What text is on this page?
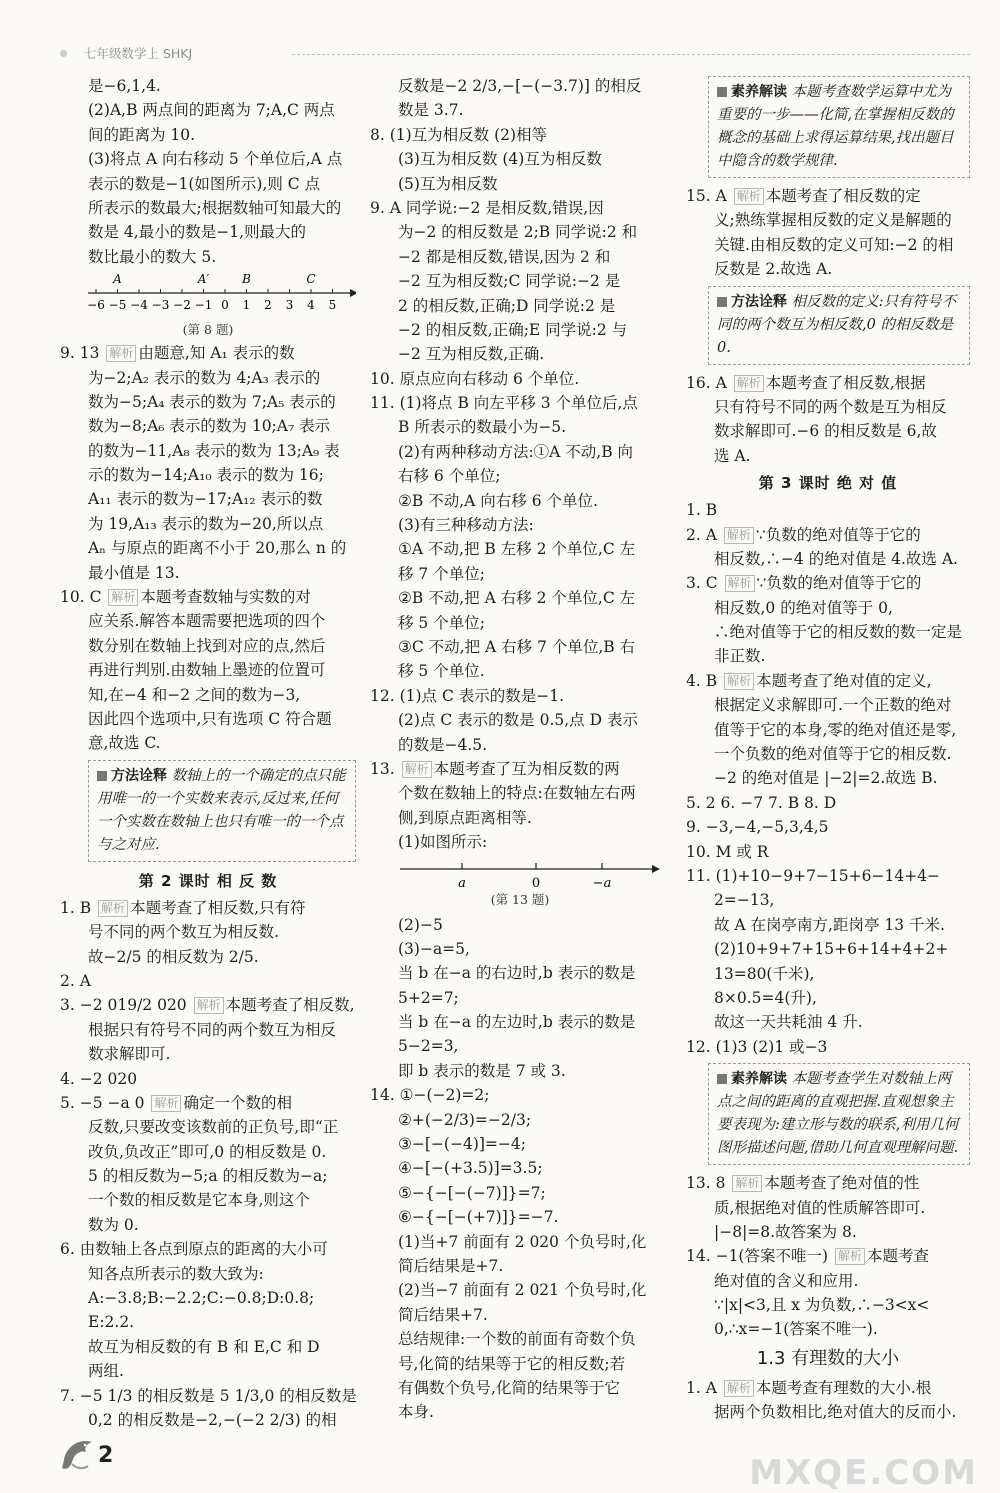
七年级数学上 SHKJ
是−6,1,4.
(2)A,B 两点间的距离为 7;A,C 两点
间的距离为 10.
(3)将点 A 向右移动 5 个单位后,A 点
表示的数是−1(如图所示),则 C 点
所表示的数最大;根据数轴可知最大的
数是 4,最小的数是−1,则最大的
数比最小的数大 5.
−6 −5 −4 −3 −2 −1 0 1 2 3 4 5
A	A′	B	C
(第 8 题)
9. 13 解析 由题意,知 A₁ 表示的数
为−2;A₂ 表示的数为 4;A₃ 表示的
数为−5;A₄ 表示的数为 7;A₅ 表示的
数为−8;A₆ 表示的数为 10;A₇ 表示
的数为−11,A₈ 表示的数为 13;A₉ 表
示的数为−14;A₁₀ 表示的数为 16;
A₁₁ 表示的数为−17;A₁₂ 表示的数
为 19,A₁₃ 表示的数为−20,所以点
Aₙ 与原点的距离不小于 20,那么 n 的
最小值是 13.
10. C 解析 本题考查数轴与实数的对
应关系.解答本题需要把选项的四个
数分别在数轴上找到对应的点,然后
再进行判别.由数轴上墨迹的位置可
知,在−4 和−2 之间的数为−3,
因此四个选项中,只有选项 C 符合题
意,故选 C.
方法诠释 数轴上的一个确定的点只能用唯一的一个实数来表示,反过来,任何一个实数在数轴上也只有唯一的一个点与之对应.
第 2 课时 相 反 数
1. B 解析 本题考查了相反数,只有符
号不同的两个数互为相反数.
故−2/5 的相反数为 2/5.
2. A
3. −2 019/2 020 解析 本题考查了相反数,
根据只有符号不同的两个数互为相反
数求解即可.
4. −2 020
5. −5 −a 0 解析 确定一个数的相
反数,只要改变该数前的正负号,即“正
改负,负改正”即可,0 的相反数是 0.
5 的相反数为−5;a 的相反数为−a;
一个数的相反数是它本身,则这个
数为 0.
6. 由数轴上各点到原点的距离的大小可
知各点所表示的数大致为:
A:−3.8;B:−2.2;C:−0.8;D:0.8;
E:2.2.
故互为相反数的有 B 和 E,C 和 D
两组.
7. −5 1/3 的相反数是 5 1/3,0 的相反数是
0,2 的相反数是−2,−(−2 2/3) 的相
反数是−2 2/3,−[−(−3.7)] 的相反
数是 3.7.
8. (1)互为相反数 (2)相等
(3)互为相反数 (4)互为相反数
(5)互为相反数
9. A 同学说:−2 是相反数,错误,因
为−2 的相反数是 2;B 同学说:2 和
−2 都是相反数,错误,因为 2 和
−2 互为相反数;C 同学说:−2 是
2 的相反数,正确;D 同学说:2 是
−2 的相反数,正确;E 同学说:2 与
−2 互为相反数,正确.
10. 原点应向右移动 6 个单位.
11. (1)将点 B 向左平移 3 个单位后,点
B 所表示的数最小为−5.
(2)有两种移动方法:①A 不动,B 向
右移 6 个单位;
②B 不动,A 向右移 6 个单位.
(3)有三种移动方法:
①A 不动,把 B 左移 2 个单位,C 左
移 7 个单位;
②B 不动,把 A 右移 2 个单位,C 左
移 5 个单位;
③C 不动,把 A 右移 7 个单位,B 右
移 5 个单位.
12. (1)点 C 表示的数是−1.
(2)点 C 表示的数是 0.5,点 D 表示
的数是−4.5.
13. 解析 本题考查了互为相反数的两
个数在数轴上的特点:在数轴左右两
侧,到原点距离相等.
(1)如图所示:
a	0	−a
(第 13 题)
(2)−5
(3)−a=5,
当 b 在−a 的右边时,b 表示的数是
5+2=7;
当 b 在−a 的左边时,b 表示的数是
5−2=3,
即 b 表示的数是 7 或 3.
14. ①−(−2)=2;
②+(−2/3)=−2/3;
③−[−(−4)]=−4;
④−[−(+3.5)]=3.5;
⑤−{−[−(−7)]}=7;
⑥−{−[−(+7)]}=−7.
(1)当+7 前面有 2 020 个负号时,化
简后结果是+7.
(2)当−7 前面有 2 021 个负号时,化
简后结果+7.
总结规律:一个数的前面有奇数个负
号,化简的结果等于它的相反数;若
有偶数个负号,化简的结果等于它
本身.
素养解读 本题考查数学运算中尤为重要的一步——化简,在掌握相反数的概念的基础上求得运算结果,找出题目中隐含的数学规律.
15. A 解析 本题考查了相反数的定
义;熟练掌握相反数的定义是解题的
关键.由相反数的定义可知:−2 的相
反数是 2.故选 A.
方法诠释 相反数的定义:只有符号不同的两个数互为相反数,0 的相反数是 0.
16. A 解析 本题考查了相反数,根据
只有符号不同的两个数是互为相反
数求解即可.−6 的相反数是 6,故
选 A.
第 3 课时 绝 对 值
1. B
2. A 解析 ∵负数的绝对值等于它的
相反数,∴−4 的绝对值是 4.故选 A.
3. C 解析 ∵负数的绝对值等于它的
相反数,0 的绝对值等于 0,
∴绝对值等于它的相反数的数一定是
非正数.
4. B 解析 本题考查了绝对值的定义,
根据定义求解即可.一个正数的绝对
值等于它的本身,零的绝对值还是零,
一个负数的绝对值等于它的相反数.
−2 的绝对值是 |−2|=2.故选 B.
5. 2 6. −7 7. B 8. D
9. −3,−4,−5,3,4,5
10. M 或 R
11. (1)+10−9+7−15+6−14+4−
2=−13,
故 A 在岗亭南方,距岗亭 13 千米.
(2)10+9+7+15+6+14+4+2+
13=80(千米),
8×0.5=4(升),
故这一天共耗油 4 升.
12. (1)3 (2)1 或−3
素养解读 本题考查学生对数轴上两点之间的距离的直观把握.直观想象主要表现为:建立形与数的联系,利用几何图形描述问题,借助几何直观理解问题.
13. 8 解析 本题考查了绝对值的性
质,根据绝对值的性质解答即可.
|−8|=8.故答案为 8.
14. −1(答案不唯一) 解析 本题考查
绝对值的含义和应用.
∵|x|<3,且 x 为负数,∴−3<x<
0,∴x=−1(答案不唯一).
1.3 有理数的大小
1. A 解析 本题考查有理数的大小.根
据两个负数相比,绝对值大的反而小.
2	MXQE.COM
